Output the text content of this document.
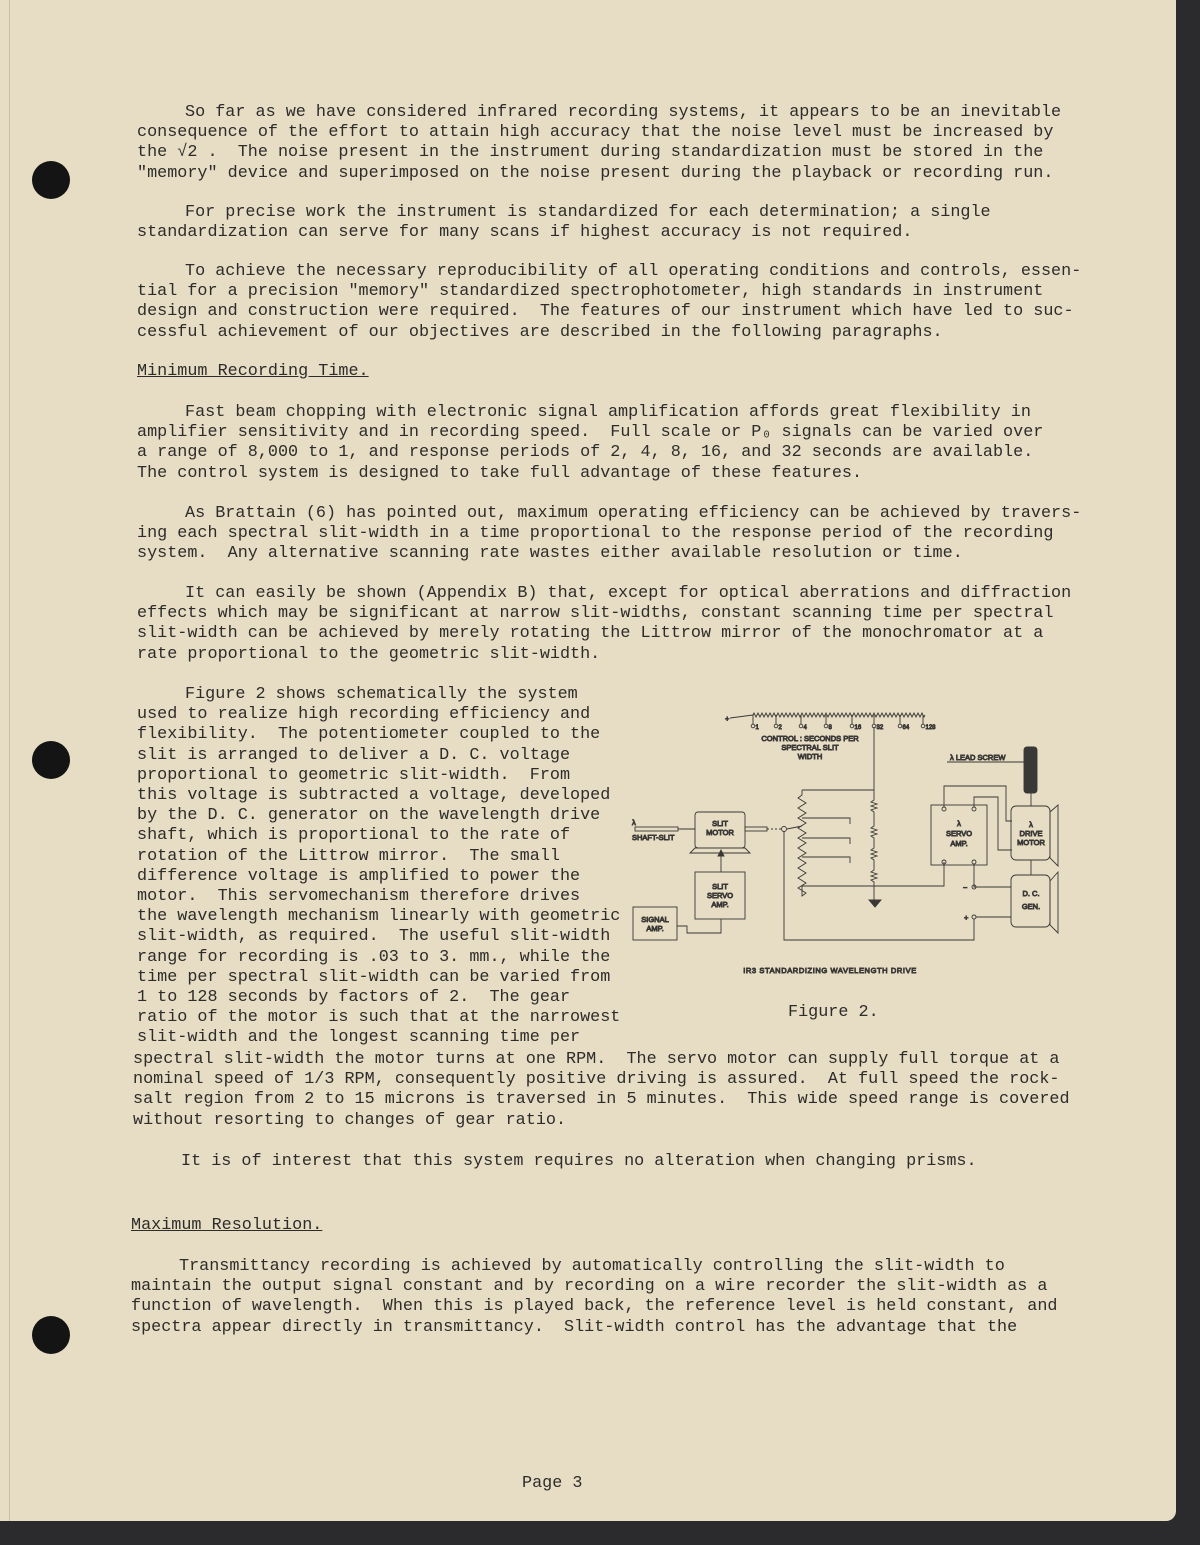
So far as we have considered infrared recording systems, it appears to be an inevitable
consequence of the effort to attain high accuracy that the noise level must be increased by
the √2 .  The noise present in the instrument during standardization must be stored in the
"memory" device and superimposed on the noise present during the playback or recording run.
For precise work the instrument is standardized for each determination; a single
standardization can serve for many scans if highest accuracy is not required.
To achieve the necessary reproducibility of all operating conditions and controls, essen-
tial for a precision "memory" standardized spectrophotometer, high standards in instrument
design and construction were required.  The features of our instrument which have led to suc-
cessful achievement of our objectives are described in the following paragraphs.
Minimum Recording Time.
Fast beam chopping with electronic signal amplification affords great flexibility in
amplifier sensitivity and in recording speed.  Full scale or P₀ signals can be varied over
a range of 8,000 to 1, and response periods of 2, 4, 8, 16, and 32 seconds are available.
The control system is designed to take full advantage of these features.
As Brattain (6) has pointed out, maximum operating efficiency can be achieved by travers-
ing each spectral slit-width in a time proportional to the response period of the recording
system.  Any alternative scanning rate wastes either available resolution or time.
It can easily be shown (Appendix B) that, except for optical aberrations and diffraction
effects which may be significant at narrow slit-widths, constant scanning time per spectral
slit-width can be achieved by merely rotating the Littrow mirror of the monochromator at a
rate proportional to the geometric slit-width.
Figure 2 shows schematically the system
used to realize high recording efficiency and
flexibility.  The potentiometer coupled to the
slit is arranged to deliver a D. C. voltage
proportional to geometric slit-width.  From
this voltage is subtracted a voltage, developed
by the D. C. generator on the wavelength drive
shaft, which is proportional to the rate of
rotation of the Littrow mirror.  The small
difference voltage is amplified to power the
motor.  This servomechanism therefore drives
the wavelength mechanism linearly with geometric
slit-width, as required.  The useful slit-width
range for recording is .03 to 3. mm., while the
time per spectral slit-width can be varied from
1 to 128 seconds by factors of 2.  The gear
ratio of the motor is such that at the narrowest
slit-width and the longest scanning time per
spectral slit-width the motor turns at one RPM.  The servo motor can supply full torque at a
nominal speed of 1/3 RPM, consequently positive driving is assured.  At full speed the rock-
salt region from 2 to 15 microns is traversed in 5 minutes.  This wide speed range is covered
without resorting to changes of gear ratio.
It is of interest that this system requires no alteration when changing prisms.
Maximum Resolution.
Transmittancy recording is achieved by automatically controlling the slit-width to
maintain the output signal constant and by recording on a wire recorder the slit-width as a
function of wavelength.  When this is played back, the reference level is held constant, and
spectra appear directly in transmittancy.  Slit-width control has the advantage that the
+
1	2	4	8	16	32	64	128
CONTROL : SECONDS PER
SPECTRAL SLIT
WIDTH
SLIT
MOTOR
λ
SHAFT-SLIT
SLIT
SERVO
AMP.
SIGNAL
AMP.
λ
SERVO
AMP.
−
+
λ LEAD SCREW
λ
DRIVE
MOTOR
D. C.
GEN.
IR3 STANDARDIZING WAVELENGTH DRIVE
Figure 2.
Page 3
